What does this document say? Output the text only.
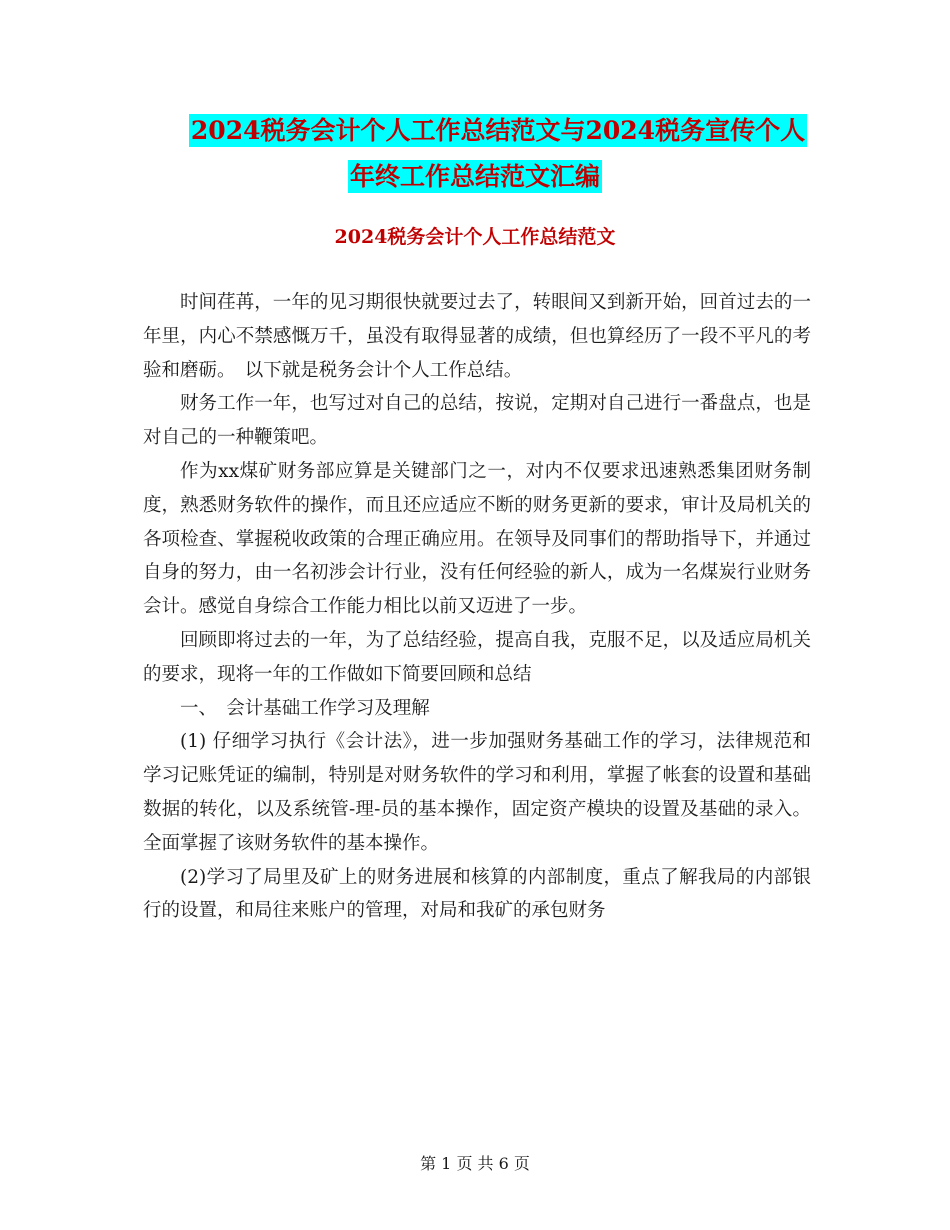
2024税务会计个人工作总结范文与2024税务宣传个人
年终工作总结范文汇编
2024税务会计个人工作总结范文

时间荏苒，一年的见习期很快就要过去了，转眼间又到新开始，回首过去的一年里，内心不禁感慨万千，虽没有取得显著的成绩，但也算经历了一段不平凡的考验和磨砺。　以下就是税务会计个人工作总结。

财务工作一年，也写过对自己的总结，按说，定期对自己进行一番盘点，也是对自己的一种鞭策吧。

作为xx煤矿财务部应算是关键部门之一，对内不仅要求迅速熟悉集团财务制度，熟悉财务软件的操作，而且还应适应不断的财务更新的要求，审计及局机关的各项检查、掌握税收政策的合理正确应用。在领导及同事们的帮助指导下，并通过自身的努力，由一名初涉会计行业，没有任何经验的新人，成为一名煤炭行业财务会计。感觉自身综合工作能力相比以前又迈进了一步。

回顾即将过去的一年，为了总结经验，提高自我，克服不足，以及适应局机关的要求，现将一年的工作做如下简要回顾和总结

一、　会计基础工作学习及理解

(1) 仔细学习执行《会计法》，进一步加强财务基础工作的学习，法律规范和学习记账凭证的编制，特别是对财务软件的学习和利用，掌握了帐套的设置和基础数据的转化，以及系统管-理-员的基本操作，固定资产模块的设置及基础的录入。全面掌握了该财务软件的基本操作。

(2)学习了局里及矿上的财务进展和核算的内部制度，重点了解我局的内部银行的设置，和局往来账户的管理，对局和我矿的承包财务

第 1 页 共 6 页
